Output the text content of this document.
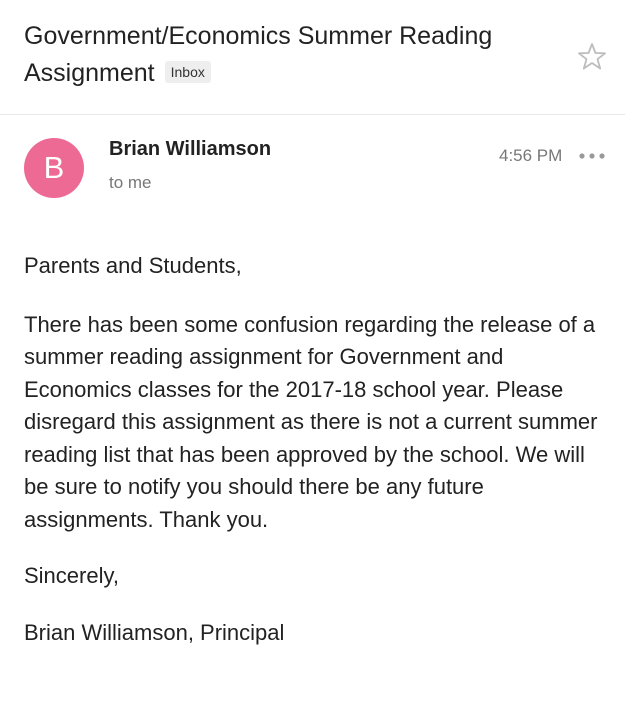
Government/Economics Summer Reading Assignment Inbox
B
Brian Williamson
to me
4:56 PM

Parents and Students,

There has been some confusion regarding the release of a summer reading assignment for Government and Economics classes for the 2017-18 school year. Please disregard this assignment as there is not a current summer reading list that has been approved by the school. We will be sure to notify you should there be any future assignments. Thank you.

Sincerely,

Brian Williamson, Principal
